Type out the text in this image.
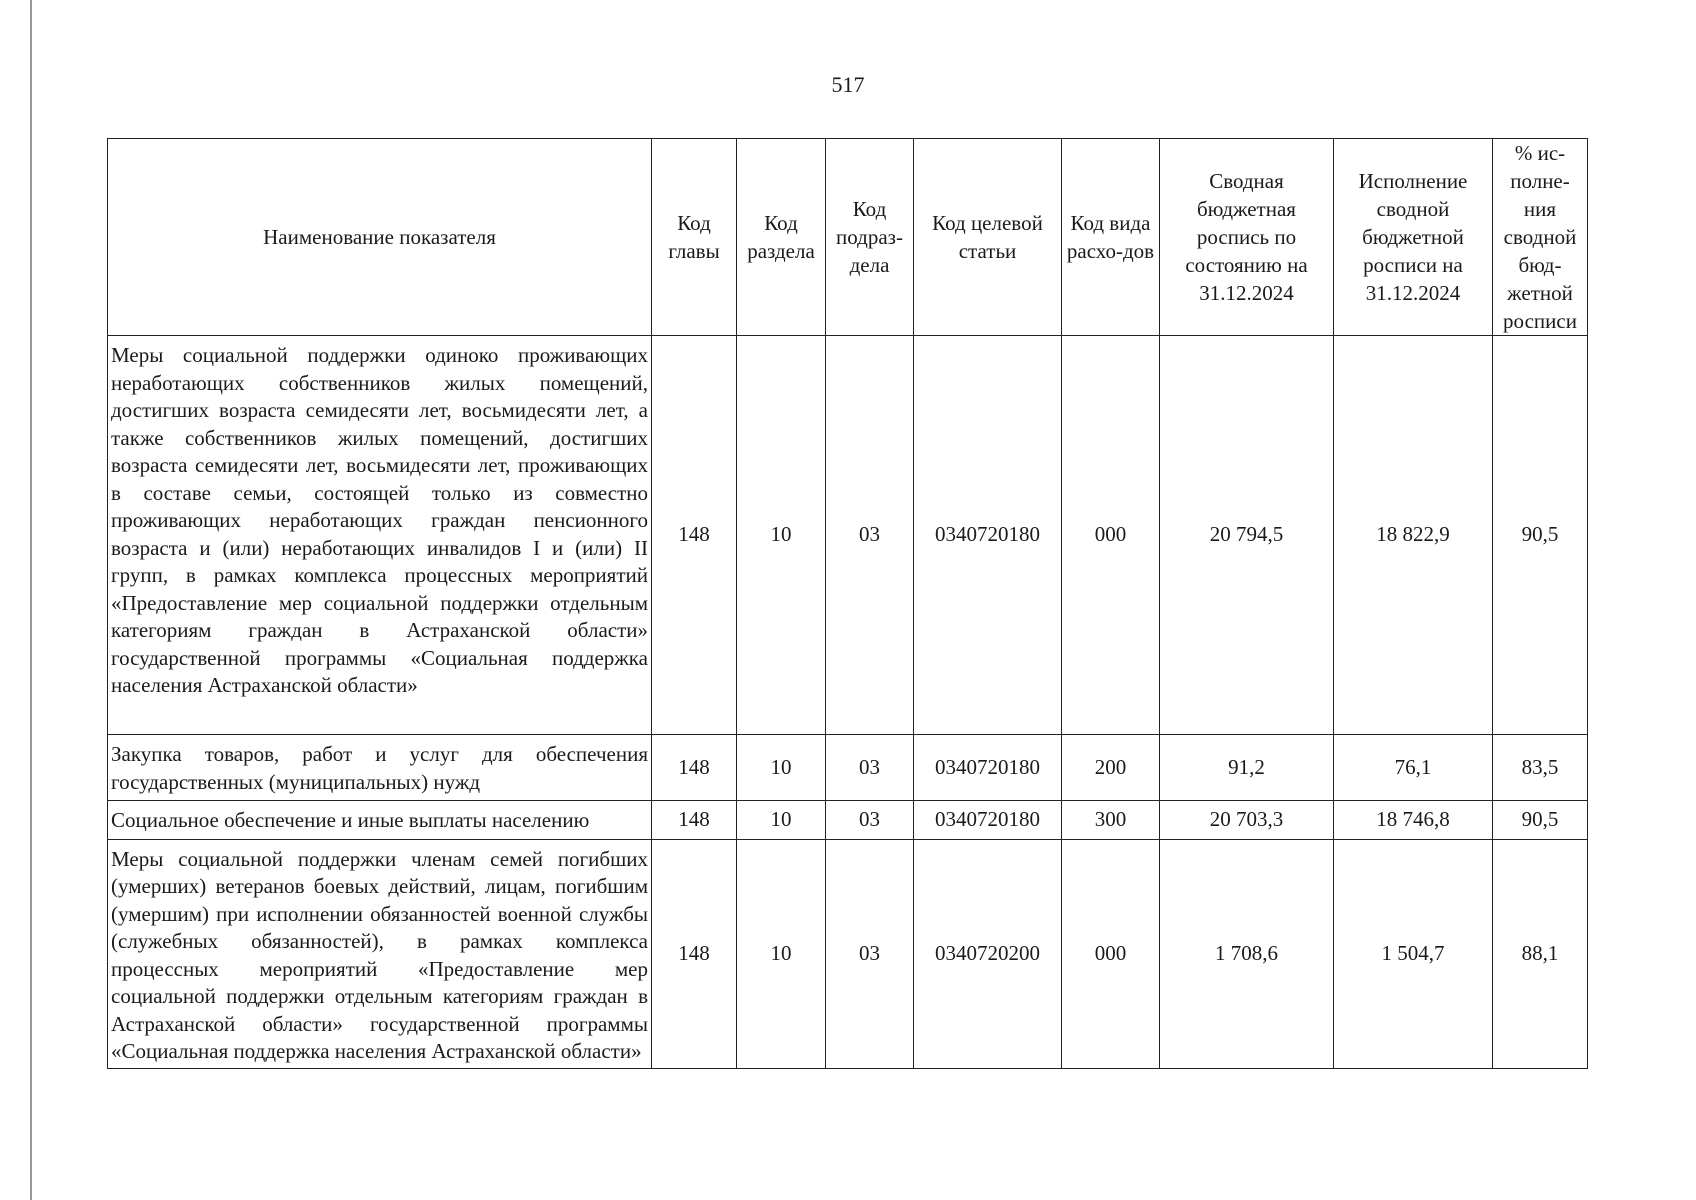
517
Наименование показателя	Код главы	Код раздела	Код подраз-дела	Код целевой статьи	Код вида расхо-дов	Сводная бюджетная роспись по состоянию на 31.12.2024	Исполнение сводной бюджетной росписи на 31.12.2024	% ис-полне-ния сводной бюд-жетной росписи
Меры социальной поддержки одиноко проживающих неработающих собственников жилых помещений, достигших возраста семидесяти лет, восьмидесяти лет, а также собственников жилых помещений, достигших возраста семидесяти лет, восьмидесяти лет, проживающих в составе семьи, состоящей только из совместно проживающих неработающих граждан пенсионного возраста и (или) неработающих инвалидов I и (или) II групп, в рамках комплекса процессных мероприятий «Предоставление мер социальной поддержки отдельным категориям граждан в Астраханской области» государственной программы «Социальная поддержка населения Астраханской области»	148	10	03	0340720180	000	20 794,5	18 822,9	90,5
Закупка товаров, работ и услуг для обеспечения государственных (муниципальных) нужд	148	10	03	0340720180	200	91,2	76,1	83,5
Социальное обеспечение и иные выплаты населению	148	10	03	0340720180	300	20 703,3	18 746,8	90,5
Меры социальной поддержки членам семей погибших (умерших) ветеранов боевых действий, лицам, погибшим (умершим) при исполнении обязанностей военной службы (служебных обязанностей), в рамках комплекса процессных мероприятий «Предоставление мер социальной поддержки отдельным категориям граждан в Астраханской области» государственной программы «Социальная поддержка населения Астраханской области»	148	10	03	0340720200	000	1 708,6	1 504,7	88,1
